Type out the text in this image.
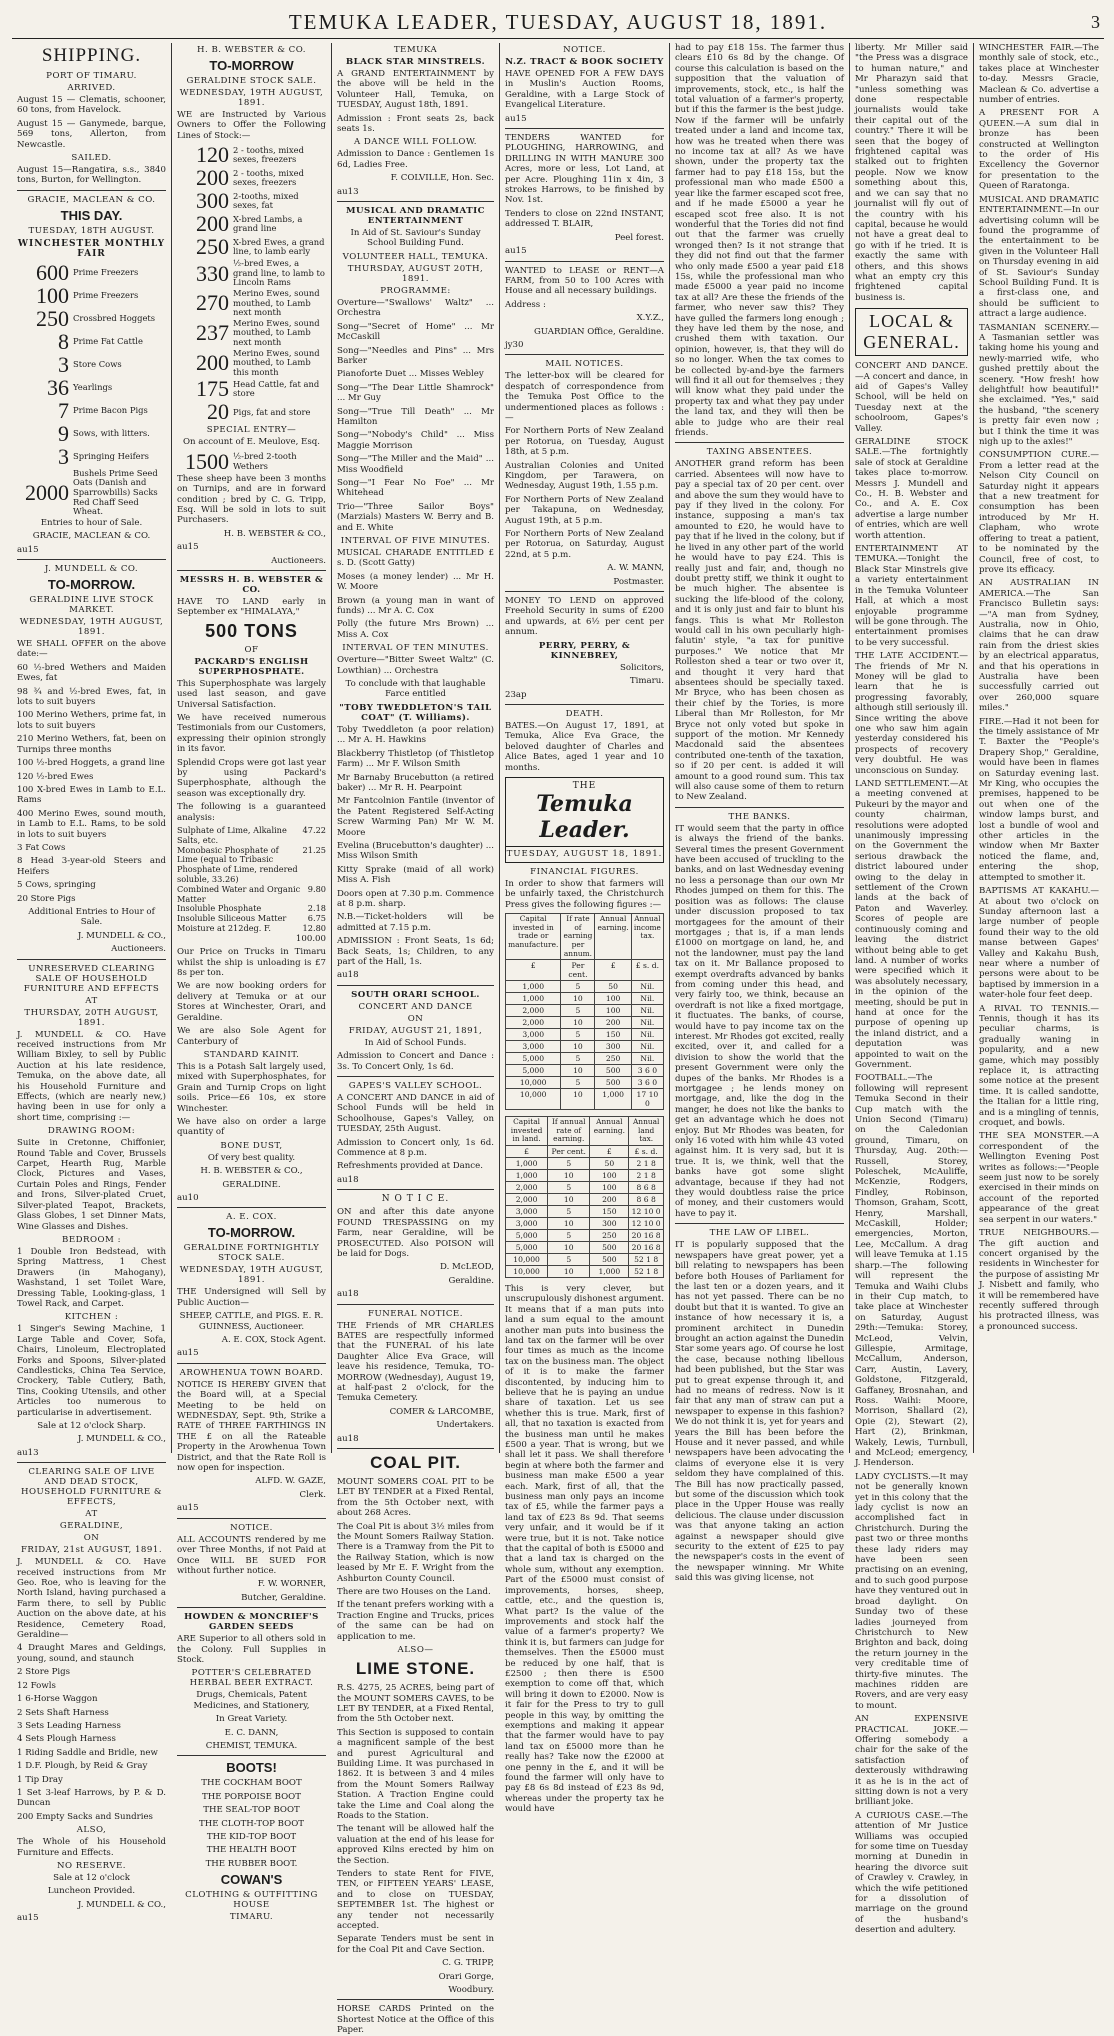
TEMUKA LEADER, TUESDAY, AUGUST 18, 1891.	3
SHIPPING.
PORT OF TIMARU.
ARRIVED.

August 15 — Clematis, schooner, 60 tons, from Havelock.

August 15 — Ganymede, barque, 569 tons, Allerton, from Newcastle.

SAILED.

August 15—Rangatira, s.s., 3840 tons, Burton, for Wellington.

GRACIE, MACLEAN & CO.
THIS DAY.
TUESDAY, 18TH AUGUST.
WINCHESTER MONTHLY FAIR
600 Prime Freezers
100 Prime Freezers
250 Crossbred Hoggets
8 Prime Fat Cattle
3 Store Cows
36 Yearlings
7 Prime Bacon Pigs
9 Sows, with litters.
3 Springing Heifers
2000
Bushels Prime Seed Oats (Danish and Sparrowbills) Sacks Red Chaff Seed Wheat.

Entries to hour of Sale.

GRACIE, MACLEAN & CO.

au15

J. MUNDELL & CO.
TO-MORROW.
GERALDINE LIVE STOCK MARKET.
WEDNESDAY, 19TH AUGUST, 1891.

WE SHALL OFFER on the above date:—

60 ½-bred Wethers and Maiden Ewes, fat

98 ¾ and ½-bred Ewes, fat, in lots to suit buyers

100 Merino Wethers, prime fat, in lots to suit buyers

210 Merino Wethers, fat, been on Turnips three months

100 ½-bred Hoggets, a grand line

120 ½-bred Ewes

100 X-bred Ewes in Lamb to E.L. Rams

400 Merino Ewes, sound mouth, in Lamb to E.L. Rams, to be sold in lots to suit buyers

3 Fat Cows

8 Head 3-year-old Steers and Heifers

5 Cows, springing

20 Store Pigs

Additional Entries to Hour of Sale.

J. MUNDELL & CO.,

Auctioneers.

UNRESERVED CLEARING SALE OF HOUSEHOLD FURNITURE AND EFFECTS
AT
THURSDAY, 20TH AUGUST, 1891.

J. MUNDELL & CO. Have received instructions from Mr William Bixley, to sell by Public Auction at his late residence, Temuka, on the above date, all his Household Furniture and Effects, (which are nearly new,) having been in use for only a short time, comprising :—

DRAWING ROOM:

Suite in Cretonne, Chiffonier, Round Table and Cover, Brussels Carpet, Hearth Rug, Marble Clock, Pictures and Vases, Curtain Poles and Rings, Fender and Irons, Silver-plated Cruet, Silver-plated Teapot, Brackets, Glass Globes, 1 set Dinner Mats, Wine Glasses and Dishes.

BEDROOM :

1 Double Iron Bedstead, with Spring Mattress, 1 Chest Drawers (in Mahogany), Washstand, 1 set Toilet Ware, Dressing Table, Looking-glass, 1 Towel Rack, and Carpet.

KITCHEN :

1 Singer's Sewing Machine, 1 Large Table and Cover, Sofa, Chairs, Linoleum, Electroplated Forks and Spoons, Silver-plated Candlesticks, China Tea Service, Crockery, Table Cutlery, Bath, Tins, Cooking Utensils, and other Articles too numerous to particularise in advertisement.

Sale at 12 o'clock Sharp.

J. MUNDELL & CO.,

au13

CLEARING SALE OF LIVE AND DEAD STOCK, HOUSEHOLD FURNITURE & EFFECTS,
AT
GERALDINE,
ON
FRIDAY, 21st AUGUST, 1891.

J. MUNDELL & CO. Have received instructions from Mr Geo. Roe, who is leaving for the North Island, having purchased a Farm there, to sell by Public Auction on the above date, at his Residence, Cemetery Road, Geraldine—

4 Draught Mares and Geldings, young, sound, and staunch

2 Store Pigs

12 Fowls

1 6-Horse Waggon

2 Sets Shaft Harness

3 Sets Leading Harness

4 Sets Plough Harness

1 Riding Saddle and Bridle, new

1 D.F. Plough, by Reid & Gray

1 Tip Dray

1 Set 3-leaf Harrows, by P. & D. Duncan

200 Empty Sacks and Sundries

ALSO,

The Whole of his Household Furniture and Effects.

NO RESERVE.

Sale at 12 o'clock

Luncheon Provided.

J. MUNDELL & CO.,

au15

H. B. WEBSTER & CO.
TO-MORROW
GERALDINE STOCK SALE.
WEDNESDAY, 19TH AUGUST, 1891.

WE are Instructed by Various Owners to Offer the Following Lines of Stock:—

120 2 - tooths, mixed sexes, freezers
200 2 - tooths, mixed sexes, freezers
300 2-tooths, mixed sexes, fat
200 X-bred Lambs, a grand line
250 X-bred Ewes, a grand line, to lamb early
330 ½-bred Ewes, a grand line, to lamb to Lincoln Rams
270 Merino Ewes, sound mouthed, to Lamb next month
237 Merino Ewes, sound mouthed, to Lamb next month
200 Merino Ewes, sound mouthed, to Lamb this month
175 Head Cattle, fat and store
20 Pigs, fat and store
SPECIAL ENTRY—

On account of E. Meulove, Esq.

1500 ½-bred 2-tooth Wethers

These sheep have been 3 months on Turnips, and are in forward condition ; bred by C. G. Tripp, Esq. Will be sold in lots to suit Purchasers.

H. B. WEBSTER & CO.,

au15

Auctioneers.

MESSRS H. B. WEBSTER & CO.

HAVE TO LAND early in September ex "HIMALAYA,"

500 TONS
OF
PACKARD'S ENGLISH SUPERPHOSPHATE.

This Superphosphate was largely used last season, and gave Universal Satisfaction.

We have received numerous Testimonials from our Customers, expressing their opinion strongly in its favor.

Splendid Crops were got last year by using Packard's Superphosphate, although the season was exceptionally dry.

The following is a guaranteed analysis:

Sulphate of Lime, Alkaline Salts, etc.
47.22
Monobasic Phosphate of Lime (equal to Tribasic Phosphate of Lime, rendered soluble, 33.26)
21.25
Combined Water and Organic Matter
9.80
Insoluble Phosphate	2.18
Insoluble Siliceous Matter	6.75
Moisture at 212deg. F.	12.80

100.00

Our Price on Trucks in Timaru whilst the ship is unloading is £7 8s per ton.

We are now booking orders for delivery at Temuka or at our Stores at Winchester, Orari, and Geraldine.

We are also Sole Agent for Canterbury of

STANDARD KAINIT.

This is a Potash Salt largely used, mixed with Superphosphates, for Grain and Turnip Crops on light soils. Price—£6 10s, ex store Winchester.

We have also on order a large quantity of

BONE DUST,

Of very best quality.

H. B. WEBSTER & CO.,

GERALDINE.

au10

A. E. COX.
TO-MORROW.
GERALDINE FORTNIGHTLY STOCK SALE.
WEDNESDAY, 19TH AUGUST, 1891.

THE Undersigned will Sell by Public Auction—

SHEEP, CATTLE, and PIGS. E. R. GUINNESS, Auctioneer.

A. E. COX, Stock Agent.

au15

AROWHENUA TOWN BOARD.

NOTICE IS HEREBY GIVEN that the Board will, at a Special Meeting to be held on WEDNESDAY, Sept. 9th, Strike a RATE of THREE FARTHINGS IN THE £ on all the Rateable Property in the Arowhenua Town District, and that the Rate Roll is now open for inspection.

ALFD. W. GAZE,

Clerk.

au15

NOTICE.

ALL ACCOUNTS rendered by me over Three Months, if not Paid at Once WILL BE SUED FOR without further notice.

F. W. WORNER,

Butcher, Geraldine.

HOWDEN & MONCRIEF'S GARDEN SEEDS

ARE Superior to all others sold in the Colony. Full Supplies in Stock.

POTTER'S CELEBRATED HERBAL BEER EXTRACT.

Drugs, Chemicals, Patent Medicines, and Stationery,

In Great Variety.

E. C. DANN,

CHEMIST, TEMUKA.

BOOTS!

THE COCKHAM BOOT

THE PORPOISE BOOT

THE SEAL-TOP BOOT

THE CLOTH-TOP BOOT

THE KID-TOP BOOT

THE HEALTH BOOT

THE RUBBER BOOT.

COWAN'S
CLOTHING & OUTFITTING HOUSE
TIMARU.
TEMUKA
BLACK STAR MINSTRELS.

A GRAND ENTERTAINMENT by the above will be held in the Volunteer Hall, Temuka, on TUESDAY, August 18th, 1891.

Admission : Front seats 2s, back seats 1s.

A DANCE WILL FOLLOW.

Admission to Dance : Gentlemen 1s 6d, Ladies Free.

F. COLVILLE, Hon. Sec.

au13

MUSICAL AND DRAMATIC ENTERTAINMENT

In Aid of St. Saviour's Sunday School Building Fund.

VOLUNTEER HALL, TEMUKA.
THURSDAY, AUGUST 20TH, 1891.
PROGRAMME:

Overture—"Swallows' Waltz" ... Orchestra

Song—"Secret of Home" ... Mr McCaskill

Song—"Needles and Pins" ... Mrs Barker

Pianoforte Duet ... Misses Webley

Song—"The Dear Little Shamrock" ... Mr Guy

Song—"True Till Death" ... Mr Hamilton

Song—"Nobody's Child" ... Miss Maggie Morrison

Song—"The Miller and the Maid" ... Miss Woodfield

Song—"I Fear No Foe" ... Mr Whitehead

Trio—"Three Sailor Boys" (Marzials) Masters W. Berry and B. and E. White

INTERVAL OF FIVE MINUTES.

MUSICAL CHARADE ENTITLED £ s. D. (Scott Gatty)

Moses (a money lender) ... Mr H. W. Moore

Brown (a young man in want of funds) ... Mr A. C. Cox

Polly (the future Mrs Brown) ... Miss A. Cox

INTERVAL OF TEN MINUTES.

Overture—"Bitter Sweet Waltz" (C. Lowthian) ... Orchestra

To conclude with that laughable Farce entitled

"TOBY TWEDDLETON'S TAIL COAT" (T. Williams).

Toby Tweddleton (a poor relation) ... Mr A. H. Hawkins

Blackberry Thistletop (of Thistletop Farm) ... Mr F. Wilson Smith

Mr Barnaby Brucebutton (a retired baker) ... Mr R. H. Pearpoint

Mr Fantcolnion Fantile (inventor of the Patent Registered Self-Acting Screw Warming Pan) Mr W. M. Moore

Evelina (Brucebutton's daughter) ... Miss Wilson Smith

Kitty Sprake (maid of all work) Miss A. Fish

Doors open at 7.30 p.m. Commence at 8 p.m. sharp.

N.B.—Ticket-holders will be admitted at 7.15 p.m.

ADMISSION : Front Seats, 1s 6d; Back Seats, 1s; Children, to any part of the Hall, 1s.

au18

SOUTH ORARI SCHOOL.
CONCERT AND DANCE
ON
FRIDAY, AUGUST 21, 1891,

In Aid of School Funds.

Admission to Concert and Dance : 3s. To Concert Only, 1s 6d.

GAPES'S VALLEY SCHOOL.

A CONCERT AND DANCE in aid of School Funds will be held in Schoolhouse, Gapes's Valley, on TUESDAY, 25th August.

Admission to Concert only, 1s 6d. Commence at 8 p.m.

Refreshments provided at Dance.

au18

N O T I C E.

ON and after this date anyone FOUND TRESPASSING on my Farm, near Geraldine, will be PROSECUTED. Also POISON will be laid for Dogs.

D. McLEOD,

Geraldine.

au18

FUNERAL NOTICE.

THE Friends of MR CHARLES BATES are respectfully informed that the FUNERAL of his late Daughter Alice Eva Grace, will leave his residence, Temuka, TO-MORROW (Wednesday), August 19, at half-past 2 o'clock, for the Temuka Cemetery.

COMER & LARCOMBE,

Undertakers.

au18

COAL PIT.

MOUNT SOMERS COAL PIT to be LET BY TENDER at a Fixed Rental, from the 5th October next, with about 268 Acres.

The Coal Pit is about 3½ miles from the Mount Somers Railway Station. There is a Tramway from the Pit to the Railway Station, which is now leased by Mr E. F. Wright from the Ashburton County Council.

There are two Houses on the Land.

If the tenant prefers working with a Traction Engine and Trucks, prices of the same can be had on application to me.

ALSO—
LIME STONE.

R.S. 4275, 25 ACRES, being part of the MOUNT SOMERS CAVES, to be LET BY TENDER, at a Fixed Rental, from the 5th October next.

This Section is supposed to contain a magnificent sample of the best and purest Agricultural and Building Lime. It was purchased in 1862. It is between 3 and 4 miles from the Mount Somers Railway Station. A Traction Engine could take the Lime and Coal along the Roads to the Station.

The tenant will be allowed half the valuation at the end of his lease for approved Kilns erected by him on the Section.

Tenders to state Rent for FIVE, TEN, or FIFTEEN YEARS' LEASE, and to close on TUESDAY, SEPTEMBER 1st. The highest or any tender not necessarily accepted.

Separate Tenders must be sent in for the Coal Pit and Cave Section.

C. G. TRIPP,

Orari Gorge,

Woodbury.

HORSE CARDS Printed on the Shortest Notice at the Office of this Paper.

NOTICE.
N.Z. TRACT & BOOK SOCIETY

HAVE OPENED FOR A FEW DAYS in Muslin's Auction Rooms, Geraldine, with a Large Stock of Evangelical Literature.

au15

TENDERS WANTED for PLOUGHING, HARROWING, and DRILLING IN WITH MANURE 300 Acres, more or less, Lot Land, at per Acre. Ploughing 11in x 4in, 3 strokes Harrows, to be finished by Nov. 1st.

Tenders to close on 22nd INSTANT, addressed T. BLAIR,

Peel forest.

au15

WANTED to LEASE or RENT—A FARM, from 50 to 100 Acres with House and all necessary buildings.

Address :

X.Y.Z.,

GUARDIAN Office, Geraldine.

jy30

MAIL NOTICES.

The letter-box will be cleared for despatch of correspondence from the Temuka Post Office to the undermentioned places as follows :—

For Northern Ports of New Zealand per Rotorua, on Tuesday, August 18th, at 5 p.m.

Australian Colonies and United Kingdom, per Tarawera, on Wednesday, August 19th, 1.55 p.m.

For Northern Ports of New Zealand per Takapuna, on Wednesday, August 19th, at 5 p.m.

For Northern Ports of New Zealand per Rotorua, on Saturday, August 22nd, at 5 p.m.

A. W. MANN,

Postmaster.

MONEY TO LEND on approved Freehold Security in sums of £200 and upwards, at 6½ per cent per annum.

PERRY, PERRY, & KINNEBREY,

Solicitors,

Timaru.

23ap

DEATH.

BATES.—On August 17, 1891, at Temuka, Alice Eva Grace, the beloved daughter of Charles and Alice Bates, aged 1 year and 10 months.

THE
Temuka Leader.
TUESDAY, AUGUST 18, 1891.
FINANCIAL FIGURES.

In order to show that farmers will be unfairly taxed, the Christchurch Press gives the following figures :—

Capital invested in trade or manufacture.	If rate of earning per annum.	Annual earning.	Annual income tax.
£	Per cent.	£	£ s. d.
1,000	5	50	Nil.
1,000	10	100	Nil.
2,000	5	100	Nil.
2,000	10	200	Nil.
3,000	5	150	Nil.
3,000	10	300	Nil.
5,000	5	250	Nil.
5,000	10	500	3 6 0
10,000	5	500	3 6 0
10,000	10	1,000	17 10 0
Capital invested in land.	If annual rate of earning.	Annual earning.	Annual land tax.
£	Per cent.	£	£ s. d.
1,000	5	50	2 1 8
1,000	10	100	2 1 8
2,000	5	100	8 6 8
2,000	10	200	8 6 8
3,000	5	150	12 10 0
3,000	10	300	12 10 0
5,000	5	250	20 16 8
5,000	10	500	20 16 8
10,000	5	500	52 1 8
10,000	10	1,000	52 1 8

This is very clever, but unscrupulously dishonest argument. It means that if a man puts into land a sum equal to the amount another man puts into business the land tax on the farmer will be over four times as much as the income tax on the business man. The object of it is to make the farmer discontented, by inducing him to believe that he is paying an undue share of taxation. Let us see whether this is true. Mark, first of all, that no taxation is exacted from the business man until he makes £500 a year. That is wrong, but we shall let it pass. We shall therefore begin at where both the farmer and business man make £500 a year each. Mark, first of all, that the business man only pays an income tax of £5, while the farmer pays a land tax of £23 8s 9d. That seems very unfair, and it would be if it were true, but it is not. Take notice that the capital of both is £5000 and that a land tax is charged on the whole sum, without any exemption. Part of the £5000 must consist of improvements, horses, sheep, cattle, etc., and the question is, What part? Is the value of the improvements and stock half the value of a farmer's property? We think it is, but farmers can judge for themselves. Then the £5000 must be reduced by one half, that is £2500 ; then there is £500 exemption to come off that, which will bring it down to £2000. Now is it fair for the Press to try to gull people in this way, by omitting the exemptions and making it appear that the farmer would have to pay land tax on £5000 more than he really has? Take now the £2000 at one penny in the £, and it will be found the farmer will only have to pay £8 6s 8d instead of £23 8s 9d, whereas under the property tax he would have

had to pay £18 15s. The farmer thus clears £10 6s 8d by the change. Of course this calculation is based on the supposition that the valuation of improvements, stock, etc., is half the total valuation of a farmer's property, but if this the farmer is the best judge. Now if the farmer will be unfairly treated under a land and income tax, how was he treated when there was no income tax at all? As we have shown, under the property tax the farmer had to pay £18 15s, but the professional man who made £500 a year like the farmer escaped scot free, and if he made £5000 a year he escaped scot free also. It is not wonderful that the Tories did not find out that the farmer was cruelly wronged then? Is it not strange that they did not find out that the farmer who only made £500 a year paid £18 15s, while the professional man who made £5000 a year paid no income tax at all? Are these the friends of the farmer, who never saw this? They have gulled the farmers long enough ; they have led them by the nose, and crushed them with taxation. Our opinion, however, is, that they will do so no longer. When the tax comes to be collected by-and-bye the farmers will find it all out for themselves ; they will know what they paid under the property tax and what they pay under the land tax, and they will then be able to judge who are their real friends.

TAXING ABSENTEES.

ANOTHER grand reform has been carried. Absentees will now have to pay a special tax of 20 per cent. over and above the sum they would have to pay if they lived in the colony. For instance, supposing a man's tax amounted to £20, he would have to pay that if he lived in the colony, but if he lived in any other part of the world he would have to pay £24. This is really just and fair, and, though no doubt pretty stiff, we think it ought to be much higher. The absentee is sucking the life-blood of the colony, and it is only just and fair to blunt his fangs. This is what Mr Rolleston would call in his own peculiarly high-falutin' style, "a tax for punitive purposes." We notice that Mr Rolleston shed a tear or two over it, and thought it very hard that absentees should be specially taxed. Mr Bryce, who has been chosen as their chief by the Tories, is more Liberal than Mr Rolleston, for Mr Bryce not only voted but spoke in support of the motion. Mr Kennedy Macdonald said the absentees contributed one-tenth of the taxation, so if 20 per cent. is added it will amount to a good round sum. This tax will also cause some of them to return to New Zealand.

THE BANKS.

IT would seem that the party in office is always the friend of the banks. Several times the present Government have been accused of truckling to the banks, and on last Wednesday evening no less a personage than our own Mr Rhodes jumped on them for this. The position was as follows: The clause under discussion proposed to tax mortgagees for the amount of their mortgages ; that is, if a man lends £1000 on mortgage on land, he, and not the landowner, must pay the land tax on it. Mr Ballance proposed to exempt overdrafts advanced by banks from coming under this head, and very fairly too, we think, because an overdraft is not like a fixed mortgage, it fluctuates. The banks, of course, would have to pay income tax on the interest. Mr Rhodes got excited, really excited, over it, and called for a division to show the world that the present Government were only the dupes of the banks. Mr Rhodes is a mortgagee ; he lends money on mortgage, and, like the dog in the manger, he does not like the banks to get an advantage which he does not enjoy. But Mr Rhodes was beaten, for only 16 voted with him while 43 voted against him. It is very sad, but it is true. It is, we think, well that the banks have got some slight advantage, because if they had not they would doubtless raise the price of money, and their customers would have to pay it.

THE LAW OF LIBEL.

IT is popularly supposed that the newspapers have great power, yet a bill relating to newspapers has been before both Houses of Parliament for the last ten or a dozen years, and it has not yet passed. There can be no doubt but that it is wanted. To give an instance of how necessary it is, a prominent architect in Dunedin brought an action against the Dunedin Star some years ago. Of course he lost the case, because nothing libellous had been published, but the Star was put to great expense through it, and had no means of redress. Now is it fair that any man of straw can put a newspaper to expense in this fashion? We do not think it is, yet for years and years the Bill has been before the House and it never passed, and while newspapers have been advocating the claims of everyone else it is very seldom they have complained of this. The Bill has now practically passed, but some of the discussion which took place in the Upper House was really delicious. The clause under discussion was that anyone taking an action against a newspaper should give security to the extent of £25 to pay the newspaper's costs in the event of the newspaper winning. Mr White said this was giving license, not

liberty. Mr Miller said "the Press was a disgrace to human nature," and Mr Pharazyn said that "unless something was done respectable journalists would take their capital out of the country." There it will be seen that the bogey of frightened capital was stalked out to frighten people. Now we know something about this, and we can say that no journalist will fly out of the country with his capital, because he would not have a great deal to go with if he tried. It is exactly the same with others, and this shows what an empty cry this frightened capital business is.

LOCAL & GENERAL.

CONCERT AND DANCE.—A concert and dance, in aid of Gapes's Valley School, will be held on Tuesday next at the schoolroom, Gapes's Valley.

GERALDINE STOCK SALE.—The fortnightly sale of stock at Geraldine takes place to-morrow. Messrs J. Mundell and Co., H. B. Webster and Co., and A. E. Cox advertise a large number of entries, which are well worth attention.

ENTERTAINMENT AT TEMUKA.—Tonight the Black Star Minstrels give a variety entertainment in the Temuka Volunteer Hall, at which a most enjoyable programme will be gone through. The entertainment promises to be very successful.

THE LATE ACCIDENT.—The friends of Mr N. Money will be glad to learn that he is progressing favorably, although still seriously ill. Since writing the above one who saw him again yesterday considered his prospects of recovery very doubtful. He was unconscious on Sunday.

LAND SETTLEMENT.—At a meeting convened at Pukeuri by the mayor and county chairman, resolutions were adopted unanimously impressing on the Government the serious drawback the district laboured under owing to the delay in settlement of the Crown lands at the back of Paton and Waverley. Scores of people are continuously coming and leaving the district without being able to get land. A number of works were specified which it was absolutely necessary, in the opinion of the meeting, should be put in hand at once for the purpose of opening up the inland district, and a deputation was appointed to wait on the Government.

FOOTBALL.—The following will represent Temuka Second in their Cup match with the Union Second (Timaru) on the Caledonian ground, Timaru, on Thursday, Aug. 20th:—Russell, Storey, Poleschek, McAuliffe, McKenzie, Rodgers, Findley, Robinson, Thomson, Graham, Scott, Henry, Marshall, McCaskill, Holder; emergencies, Morton, Lee, McCallum. A drag will leave Temuka at 1.15 sharp.—The following will represent the Temuka and Waihi Clubs in their Cup match, to take place at Winchester on Saturday, August 29th:—Temuka: Storey, McLeod, Velvin, Gillespie, Armitage, McCallum, Anderson, Carr, Austin, Lavery, Goldstone, Fitzgerald, Gaffaney, Brosnahan, and Ross. Waihi: Moore, Morrison, Shallard (2), Opie (2), Stewart (2), Hart (2), Brinkman, Wakely, Lewis, Turnbull, and McLeod; emergency, J. Henderson.

LADY CYCLISTS.—It may not be generally known yet in this colony that the lady cyclist is now an accomplished fact in Christchurch. During the past two or three months these lady riders may have been seen practising on an evening, and to such good purpose have they ventured out in broad daylight. On Sunday two of these ladies journeyed from Christchurch to New Brighton and back, doing the return journey in the very creditable time of thirty-five minutes. The machines ridden are Rovers, and are very easy to mount.

AN EXPENSIVE PRACTICAL JOKE.—Offering somebody a chair for the sake of the satisfaction of dexterously withdrawing it as he is in the act of sitting down is not a very brilliant joke.

A CURIOUS CASE.—The attention of Mr Justice Williams was occupied for some time on Tuesday morning at Dunedin in hearing the divorce suit of Crawley v. Crawley, in which the wife petitioned for a dissolution of marriage on the ground of the husband's desertion and adultery.

WINCHESTER FAIR.—The monthly sale of stock, etc., takes place at Winchester to-day. Messrs Gracie, Maclean & Co. advertise a number of entries.

A PRESENT FOR A QUEEN.—A sum dial in bronze has been constructed at Wellington to the order of His Excellency the Governor for presentation to the Queen of Raratonga.

MUSICAL AND DRAMATIC ENTERTAINMENT.—In our advertising column will be found the programme of the entertainment to be given in the Volunteer Hall on Thursday evening in aid of St. Saviour's Sunday School Building Fund. It is a first-class one, and should be sufficient to attract a large audience.

TASMANIAN SCENERY.—A Tasmanian settler was taking home his young and newly-married wife, who gushed prettily about the scenery. "How fresh! how delightful! how beautiful!" she exclaimed. "Yes," said the husband, "the scenery is pretty fair even now ; but I think the time it was nigh up to the axles!"

CONSUMPTION CURE.—From a letter read at the Nelson City Council on Saturday night it appears that a new treatment for consumption has been introduced by Mr H. Clapham, who wrote offering to treat a patient, to be nominated by the Council, free of cost, to prove its efficacy.

AN AUSTRALIAN IN AMERICA.—The San Francisco Bulletin says:—"A man from Sydney, Australia, now in Ohio, claims that he can draw rain from the driest skies by an electrical apparatus, and that his operations in Australia have been successfully carried out over 260,000 square miles."

FIRE.—Had it not been for the timely assistance of Mr T. Baxter the "People's Drapery Shop," Geraldine, would have been in flames on Saturday evening last. Mr King, who occupies the premises, happened to be out when one of the window lamps burst, and lost a bundle of wool and other articles in the window when Mr Baxter noticed the flame, and, entering the shop, attempted to smother it.

BAPTISMS AT KAKAHU.—At about two o'clock on Sunday afternoon last a large number of people found their way to the old manse between Gapes' Valley and Kakahu Bush, near where a number of persons were about to be baptised by immersion in a water-hole four feet deep.

A RIVAL TO TENNIS.—Tennis, though it has its peculiar charms, is gradually waning in popularity, and a new game, which may possibly replace it, is attracting some notice at the present time. It is called sandotte, the Italian for a little ring, and is a mingling of tennis, croquet, and bowls.

THE SEA MONSTER.—A correspondent of the Wellington Evening Post writes as follows:—"People seem just now to be sorely exercised in their minds on account of the reported appearance of the great sea serpent in our waters."

TRUE NEIGHBOURS.—The gift auction and concert organised by the residents in Winchester for the purpose of assisting Mr J. Nisbett and family, who it will be remembered have recently suffered through his protracted illness, was a pronounced success.
